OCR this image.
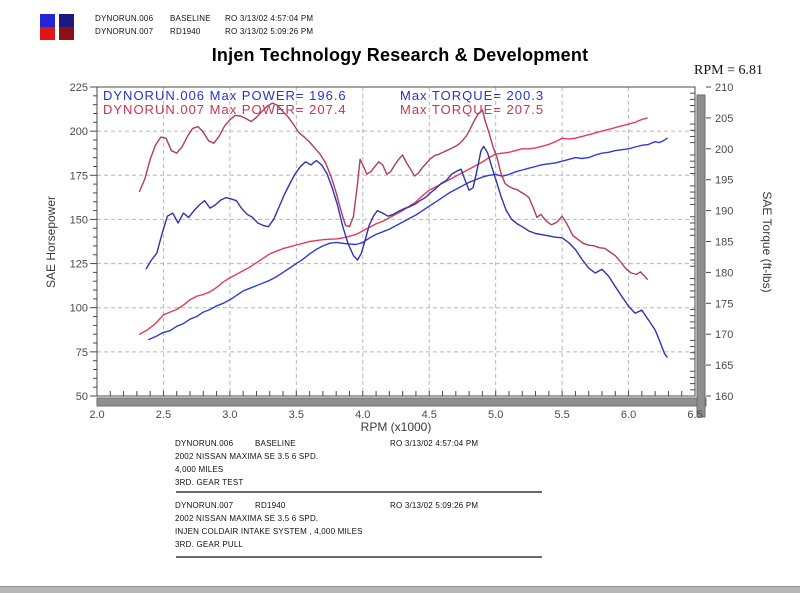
DYNORUN.006 BASELINE RO 3/13/02 4:57:04 PM
DYNORUN.007 RD1940	RO 3/13/02 5:09:26 PM
Injen Technology Research & Development
RPM = 6.81
225
200
175
150
125
100
75
50
210
205
200
195
190
185
180
175
170
165
160
2.0	2.5	3.0	3.5	4.0	4.5	5.0	5.5	6.0	6.5
SAE Horsepower	SAE Torque (ft-lbs)
RPM (x1000)
DYNORUN.006 Max POWER= 196.6	Max TORQUE= 200.3
DYNORUN.007 Max POWER= 207.4	Max TORQUE= 207.5
DYNORUN.006	BASELINE	RO 3/13/02 4:57:04 PM
2002 NISSAN MAXIMA SE 3.5 6 SPD.
4,000 MILES
3RD. GEAR TEST
DYNORUN.007	RD1940	RO 3/13/02 5:09:26 PM
2002 NISSAN MAXIMA SE 3.5 6 SPD.
INJEN COLDAIR INTAKE SYSTEM , 4,000 MILES
3RD. GEAR PULL
